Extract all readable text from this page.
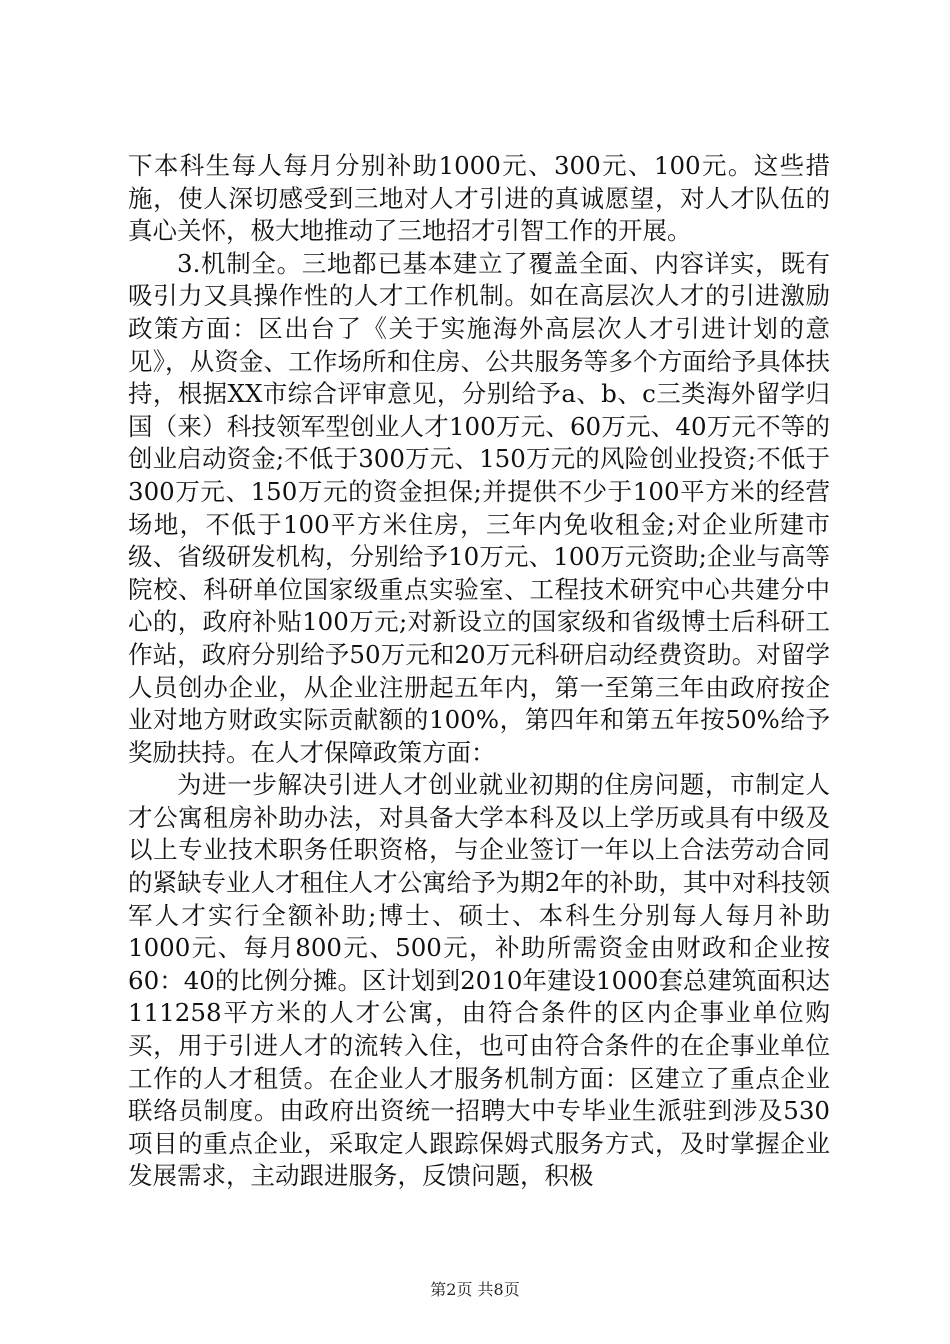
下本科生每人每月分别补助1000元、300元、100元。这些措施，使人深切感受到三地对人才引进的真诚愿望，对人才队伍的真心关怀，极大地推动了三地招才引智工作的开展。

3.机制全。三地都已基本建立了覆盖全面、内容详实，既有吸引力又具操作性的人才工作机制。如在高层次人才的引进激励政策方面：区出台了《关于实施海外高层次人才引进计划的意见》，从资金、工作场所和住房、公共服务等多个方面给予具体扶持，根据XX市综合评审意见，分别给予a、b、c三类海外留学归国（来）科技领军型创业人才100万元、60万元、40万元不等的创业启动资金;不低于300万元、150万元的风险创业投资;不低于300万元、150万元的资金担保;并提供不少于100平方米的经营场地，不低于100平方米住房，三年内免收租金;对企业所建市级、省级研发机构，分别给予10万元、100万元资助;企业与高等院校、科研单位国家级重点实验室、工程技术研究中心共建分中心的，政府补贴100万元;对新设立的国家级和省级博士后科研工作站，政府分别给予50万元和20万元科研启动经费资助。对留学人员创办企业，从企业注册起五年内，第一至第三年由政府按企业对地方财政实际贡献额的100%，第四年和第五年按50%给予奖励扶持。在人才保障政策方面：

为进一步解决引进人才创业就业初期的住房问题，市制定人才公寓租房补助办法，对具备大学本科及以上学历或具有中级及以上专业技术职务任职资格，与企业签订一年以上合法劳动合同的紧缺专业人才租住人才公寓给予为期2年的补助，其中对科技领军人才实行全额补助;博士、硕士、本科生分别每人每月补助1000元、每月800元、500元，补助所需资金由财政和企业按60：40的比例分摊。区计划到2010年建设1000套总建筑面积达111258平方米的人才公寓，由符合条件的区内企事业单位购买，用于引进人才的流转入住，也可由符合条件的在企事业单位工作的人才租赁。在企业人才服务机制方面：区建立了重点企业联络员制度。由政府出资统一招聘大中专毕业生派驻到涉及530项目的重点企业，采取定人跟踪保姆式服务方式，及时掌握企业发展需求，主动跟进服务，反馈问题，积极

第2页 共8页
